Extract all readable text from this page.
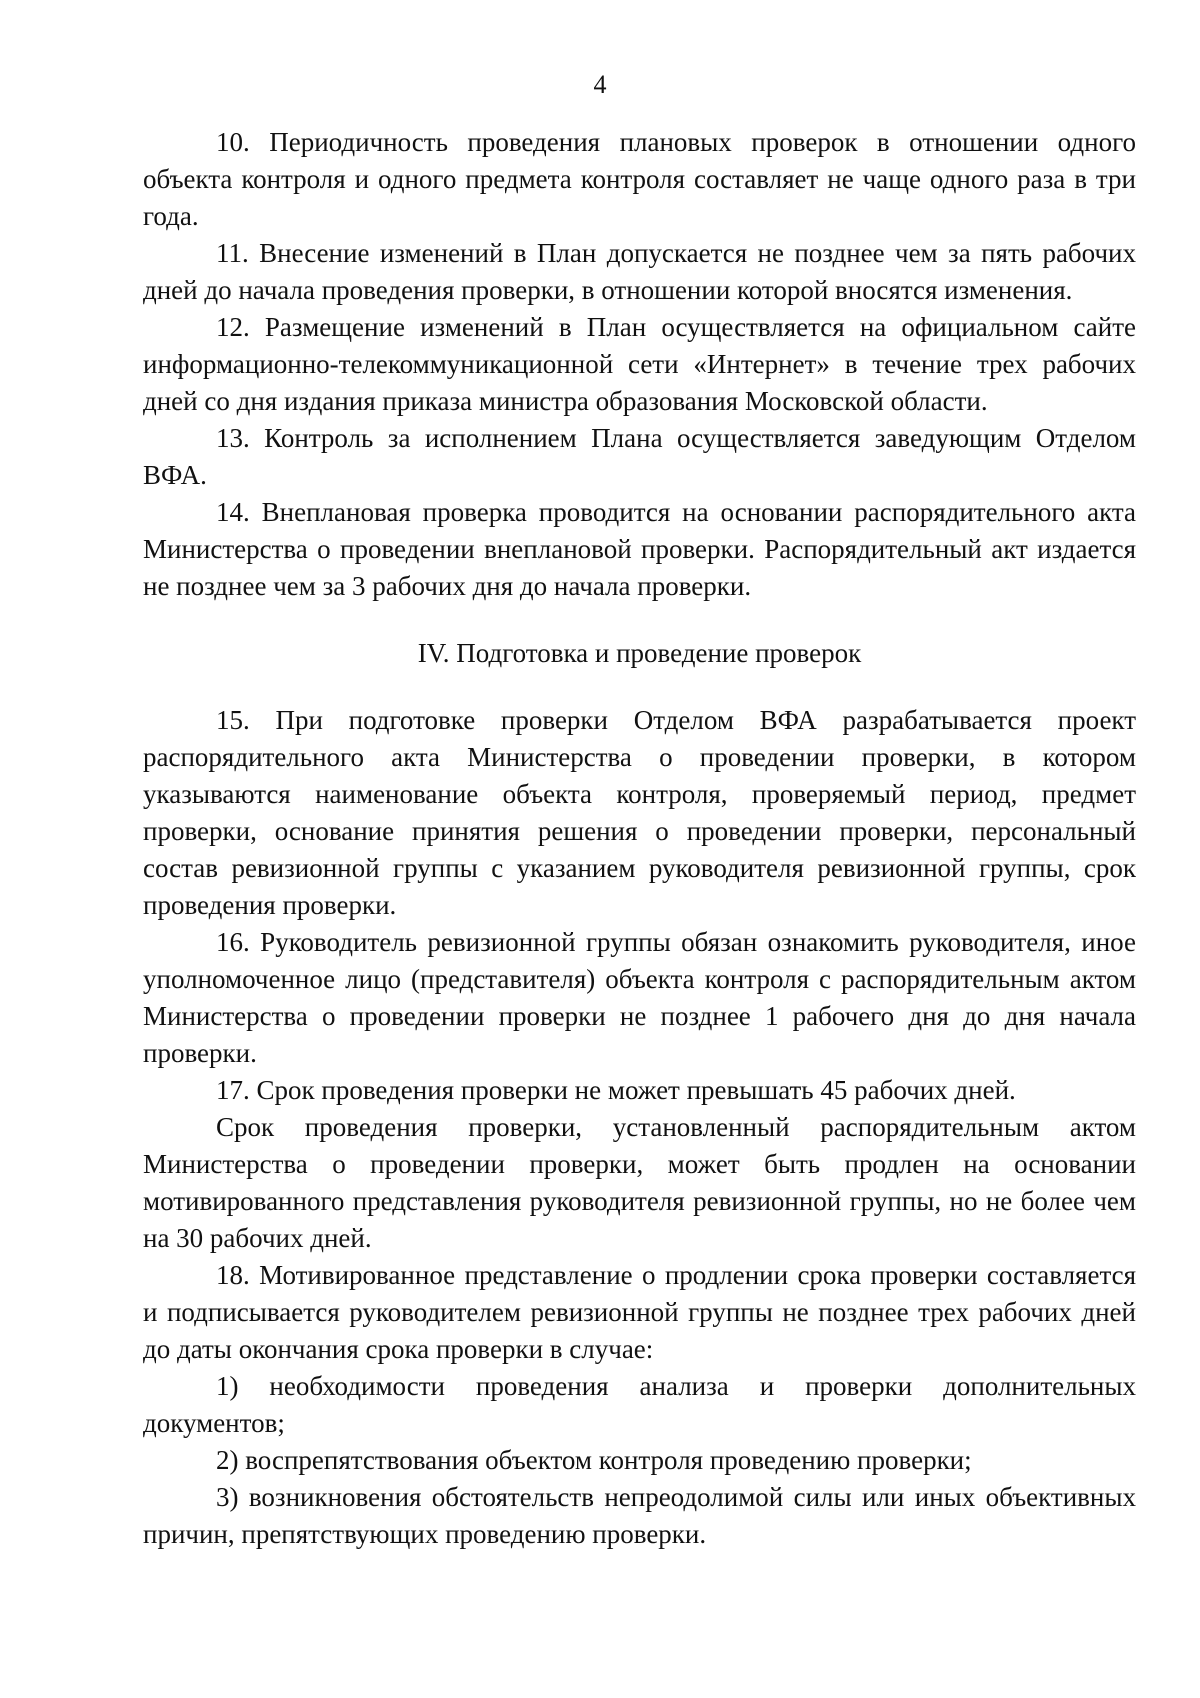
4

10. Периодичность проведения плановых проверок в отношении одного объекта контроля и одного предмета контроля составляет не чаще одного раза в три года.

11. Внесение изменений в План допускается не позднее чем за пять рабочих дней до начала проведения проверки, в отношении которой вносятся изменения.

12. Размещение изменений в План осуществляется на официальном сайте информационно-телекоммуникационной сети «Интернет» в течение трех рабочих дней со дня издания приказа министра образования Московской области.

13. Контроль за исполнением Плана осуществляется заведующим Отделом ВФА.

14. Внеплановая проверка проводится на основании распорядительного акта Министерства о проведении внеплановой проверки. Распорядительный акт издается не позднее чем за 3 рабочих дня до начала проверки.

IV. Подготовка и проведение проверок

15. При подготовке проверки Отделом ВФА разрабатывается проект распорядительного акта Министерства о проведении проверки, в котором указываются наименование объекта контроля, проверяемый период, предмет проверки, основание принятия решения о проведении проверки, персональный состав ревизионной группы с указанием руководителя ревизионной группы, срок проведения проверки.

16. Руководитель ревизионной группы обязан ознакомить руководителя, иное уполномоченное лицо (представителя) объекта контроля с распорядительным актом Министерства о проведении проверки не позднее 1 рабочего дня до дня начала проверки.

17. Срок проведения проверки не может превышать 45 рабочих дней.

Срок проведения проверки, установленный распорядительным актом Министерства о проведении проверки, может быть продлен на основании мотивированного представления руководителя ревизионной группы, но не более чем на 30 рабочих дней.

18. Мотивированное представление о продлении срока проверки составляется и подписывается руководителем ревизионной группы не позднее трех рабочих дней до даты окончания срока проверки в случае:

1) необходимости проведения анализа и проверки дополнительных документов;

2) воспрепятствования объектом контроля проведению проверки;

3) возникновения обстоятельств непреодолимой силы или иных объективных причин, препятствующих проведению проверки.
